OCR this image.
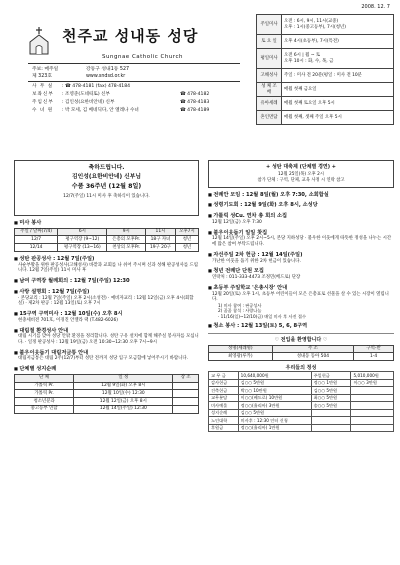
2008. 12. 7
천주교 성내동 성당
Sungnae Catholic Church
주보: 매주일	강동구 성내1동 527
제 323호	www.sndsd.or.kr
사 무 실 : ☎ 478-4181 (fax) 478-4184
보좌신부 : 조영준(도네띠또) 신부	☎ 478-4182
주임신부 : 김인성(요한비안네) 신부	☎ 478-4183
수 녀 원 : 박 모세, 김 베네딕다, 안 엘레나 수녀	☎ 478-4189
주일미사	오전 : 6시, 9시, 11시(교중)
오후 : 1시(중고등부), 7시(청년)

토 요 일	오후 4시(초등부), 7시(특전)
평일미사	오전 6시 | 월 ~ 토
오후 10시 : 화, 수, 목, 금

고해성사	주일 : 미사 전 20분(평일 : 미사 전 10분
성 체 조 배	매월 첫째 금요일
유아세례	매월 첫째 토요일 오후 5시
혼인면담	매월 첫째, 셋째 주일 오후 5시
축하드립니다.
김인성(요한비안네) 신부님
수품 36주년 (12월 8일)
12/7(주일) 11시 미사 후 축하식이 있습니다.
■ 미사 봉사
주일 / 날짜(7/4)	6시	9시	11시	오후7시
12/7	평구역장 (9~12)	은총의 모후Pr.	18구 자녀	청년
12/14	평구역장 (13~16)	천상의 모후Pr.	19구 20구	청년
■ 성탄 판공성사 : 12월 7일(주일)
사순부활을 위한 판공성사(고해성사) 바깥과 교회를 나 쉬어 주시며 신과 성해 판공성사를 드립니다. 12월 7일(주일) 11시 미사 후
■ 남여 구역장 월례회의 : 12월 7일(주일) 12:30
■ 사랑 설명회 : 12월 7일(주일)
· 본당교리 : 12월 7일(주일) 오후 2시(소성전) · 예비자교리 : 12월 12일(금) 오후 4시(회합실) · 제2차 판공 : 12월 13일(토) 오후 7시
■ 15구역 구역미사 : 12월 10일(수) 오후 8시
현충세비전 701호, 이경진 안젤라 댁 (T.482-6026)
■ 대림절 환경성사 안내
대림 시기를 맞아 성당 안팎 환경을 정리합니다. 성탄 구유 설치에 함께 해주실 봉사자를 모십니다. · 일정 판공성사 : 12월 19일(금) 오전 10:30~12:30 오후 7시~9시
■ 불우이웃돕기 대림저금통 안내
대림저금통은 대림 2주(12/7)부터 성탄 전까지 성당 입구 모금함에 넣어주시기 바랍니다.
■ 단체별 성지순례
단 체	일 정	장 소
가톨릭 Pr.	12월 9일(화) 오후 8시	
가톨릭 Pr.	12월 10일(수) 12:30	
청소년분과	12월 12일(금) 오후 8시	
중고등부 연합	12월 14일(주일) 12:30	
+ 성탄 대축제 (단체별 경연) +
12월 25일(목) 오후 2시
참가 단체 : 구역, 단체, 교육 사정 시 연락 참고
■ 전례안 모임 : 12월 8일(월) 오후 7:30, 소회합실
■ 성령기도회 : 12월 9일(화) 오후 8시, 소성당
■ 가톨릭 성Cu. 연차 총 회의 소집
12월 12일(금) 오후 7:30
■ 불우이웃돕기 일일 찻집
12월 14일(주일) 오후 2시~5시, 본당 지하성당 · 불우한 이웃에게 따뜻한 정성을 나누는 시간에 많은 참여 부탁드립니다.
■ 자선주일 2차 헌금 : 12월 14일(주일)
가난한 이웃을 돕기 위한 2차 헌금이 있습니다.
■ 청년 전례단 단원 모집
연락처 : 011-333-4473 조정민(베드로) 단장
■ 초등부 주일학교 '은총시장' 안내
12월 20일(토) 오후 1시, 초등부 어린이들이 모은 은총표로 선물을 살 수 있는 시장이 열립니다.
1) 미사 참여 : 판공성사
2) 꿈꿈 참석 : 사랑나눔
· 11/16(일)~12/10(금) 매일 미사 후 사진 접수
■ 청소 봉사 : 12월 13일(토) 5, 6, 8구역
♡ 전입을 환영합니다 ♡
성명(세례명)	주 소	구역-반
최영광(루카)	성내동 동아 504	1-4
우리들의 정성
교 무 금	10,640,000원	주일헌금	5,010,000원
감사헌금	김○○ 5만원	정○○ 1만원	이○○ 3만원
건축헌금	박○○ 10만원	김○○ 5만원	
교무분담	이○○(베드로) 10만원	최○○ 5만원	
미사예물	정○○(율리아) 3만원	송○○ 5만원	
성지순례	김○○ 5만원		
노인대학	미사후 : 12:30 인터 신청		
후원금	정○○(율리아) 1만원		
